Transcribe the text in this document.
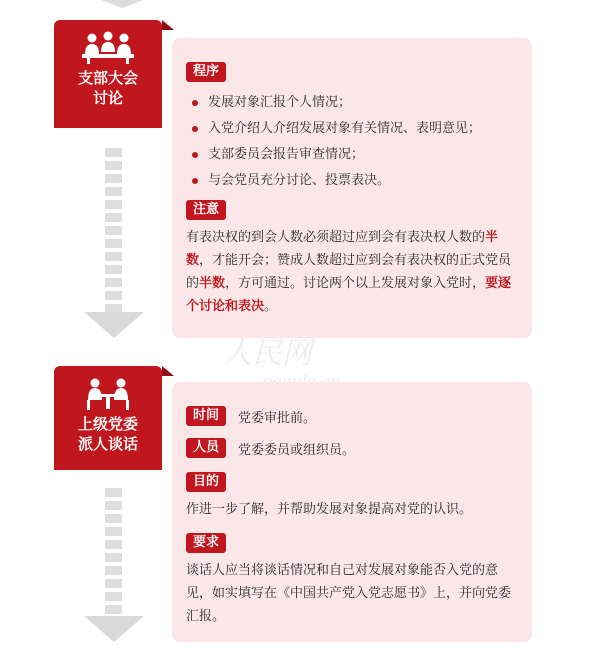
支部大会
讨论
程序
发展对象汇报个人情况；
入党介绍人介绍发展对象有关情况、表明意见；
支部委员会报告审查情况；
与会党员充分讨论、投票表决。
注意
有表决权的到会人数必须超过应到会有表决权人数的半数，才能开会；赞成人数超过应到会有表决权的正式党员的半数，方可通过。讨论两个以上发展对象入党时，要逐个讨论和表决。
人民网
上级党委
派人谈话
时间	党委审批前。
人员	党委委员或组织员。
目的
作进一步了解，并帮助发展对象提高对党的认识。
要求
谈话人应当将谈话情况和自己对发展对象能否入党的意见，如实填写在《中国共产党入党志愿书》上，并向党委汇报。
